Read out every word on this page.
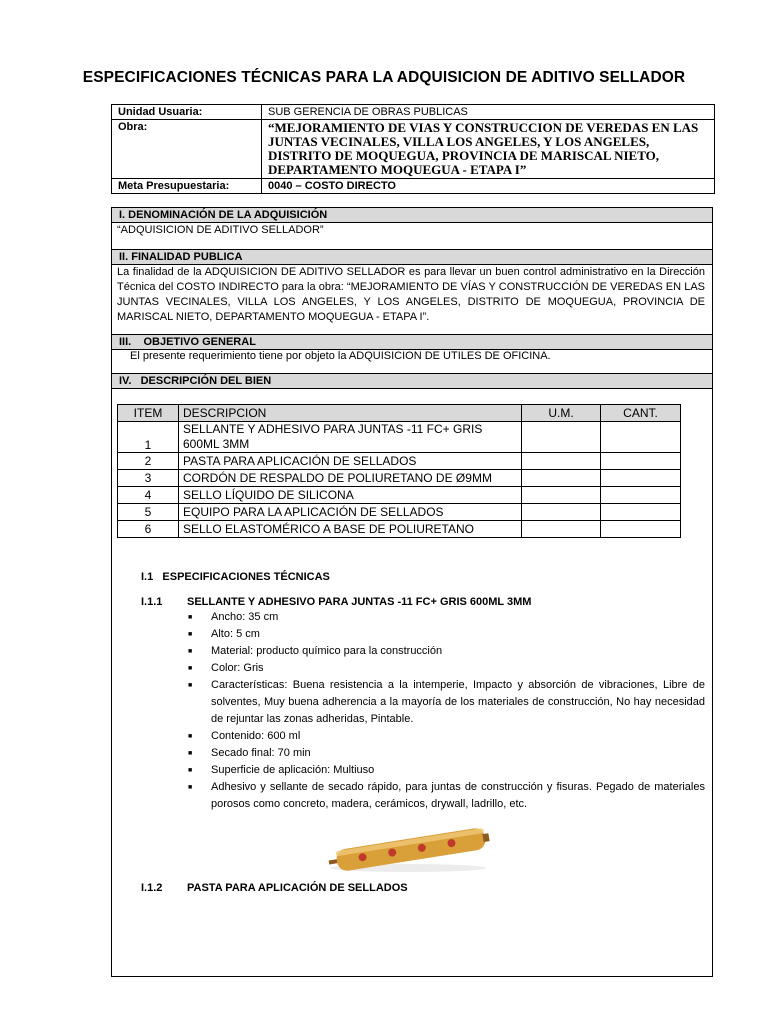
ESPECIFICACIONES TÉCNICAS PARA LA ADQUISICION DE ADITIVO SELLADOR
Unidad Usuaria:	SUB GERENCIA DE OBRAS PUBLICAS
Obra:	“MEJORAMIENTO DE VIAS Y CONSTRUCCION DE VEREDAS EN LAS JUNTAS VECINALES, VILLA LOS ANGELES, Y LOS ANGELES, DISTRITO DE MOQUEGUA, PROVINCIA DE MARISCAL NIETO, DEPARTAMENTO MOQUEGUA - ETAPA I”
Meta Presupuestaria:	0040 – COSTO DIRECTO
I. DENOMINACIÓN DE LA ADQUISICIÓN
“ADQUISICION DE ADITIVO SELLADOR”
II. FINALIDAD PUBLICA
La finalidad de la ADQUISICION DE ADITIVO SELLADOR es para llevar un buen control administrativo en la Dirección Técnica del COSTO INDIRECTO para la obra: “MEJORAMIENTO DE VÍAS Y CONSTRUCCIÓN DE VEREDAS EN LAS JUNTAS VECINALES, VILLA LOS ANGELES, Y LOS ANGELES, DISTRITO DE MOQUEGUA, PROVINCIA DE MARISCAL NIETO, DEPARTAMENTO MOQUEGUA - ETAPA I”.
III.    OBJETIVO GENERAL
El presente requerimiento tiene por objeto la ADQUISICION DE UTILES DE OFICINA.
IV.   DESCRIPCIÓN DEL BIEN
ITEM	DESCRIPCION	U.M.	CANT.
1	SELLANTE Y ADHESIVO PARA JUNTAS -11 FC+ GRIS 600ML 3MM		
2	PASTA PARA APLICACIÓN DE SELLADOS		
3	CORDÓN DE RESPALDO DE POLIURETANO DE Ø9MM		
4	SELLO LÍQUIDO DE SILICONA		
5	EQUIPO PARA LA APLICACIÓN DE SELLADOS		
6	SELLO ELASTOMÉRICO A BASE DE POLIURETANO		
I.1   ESPECIFICACIONES TÉCNICAS
I.1.1 SELLANTE Y ADHESIVO PARA JUNTAS -11 FC+ GRIS 600ML 3MM
■ Ancho: 35 cm
■ Alto: 5 cm
■ Material: producto químico para la construcción
■ Color: Gris
■ Características: Buena resistencia a la intemperie, Impacto y absorción de vibraciones, Libre de solventes, Muy buena adherencia a la mayoría de los materiales de construcción, No hay necesidad de rejuntar las zonas adheridas, Pintable.
■ Contenido: 600 ml
■ Secado final: 70 min
■ Superficie de aplicación: Multiuso
■ Adhesivo y sellante de secado rápido, para juntas de construcción y fisuras. Pegado de materiales porosos como concreto, madera, cerámicos, drywall, ladrillo, etc.
I.1.2 PASTA PARA APLICACIÓN DE SELLADOS
